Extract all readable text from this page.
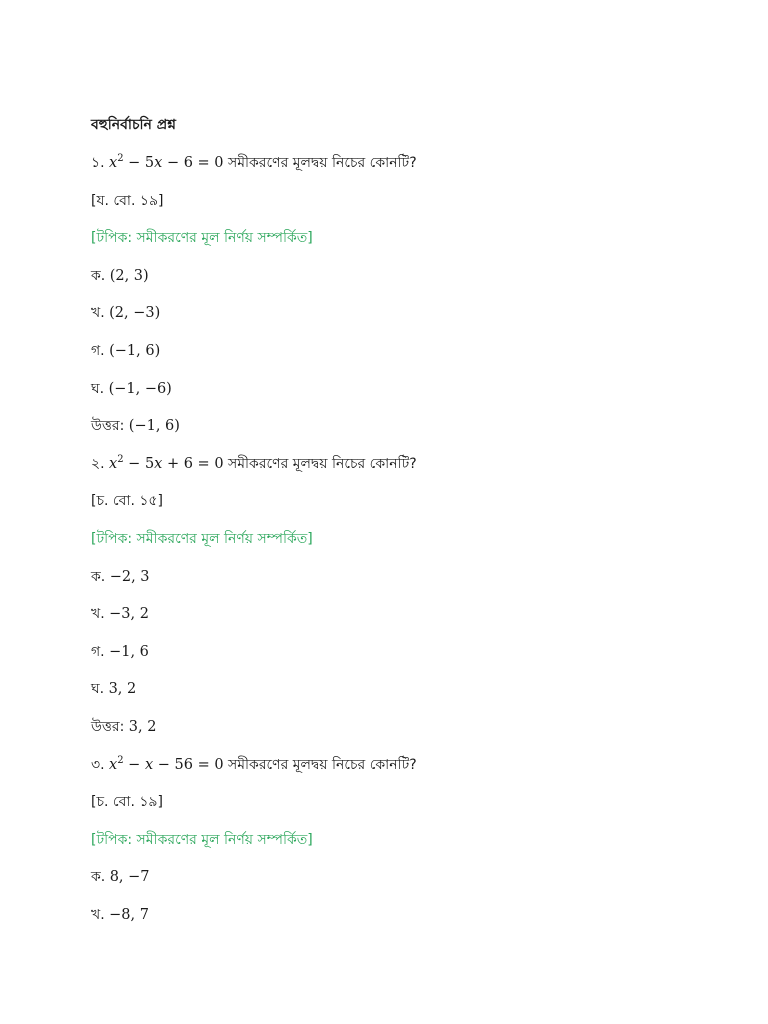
বহুনির্বাচনি প্রশ্ন
১. $x^2 - 5x - 6 = 0$ সমীকরণের মূলদ্বয় নিচের কোনটি?
[য. বো. ১৯]
[টপিক: সমীকরণের মূল নির্ণয় সম্পর্কিত]
ক. (2, 3)
খ. (2, −3)
গ. (−1, 6)
ঘ. (−1, −6)
উত্তর: (−1, 6)
২. $x^2 - 5x + 6 = 0$ সমীকরণের মূলদ্বয় নিচের কোনটি?
[চ. বো. ১৫]
[টপিক: সমীকরণের মূল নির্ণয় সম্পর্কিত]
ক. −2, 3
খ. −3, 2
গ. −1, 6
ঘ. 3, 2
উত্তর: 3, 2
৩. $x^2 - x - 56 = 0$ সমীকরণের মূলদ্বয় নিচের কোনটি?
[চ. বো. ১৯]
[টপিক: সমীকরণের মূল নির্ণয় সম্পর্কিত]
ক. 8, −7
খ. −8, 7
